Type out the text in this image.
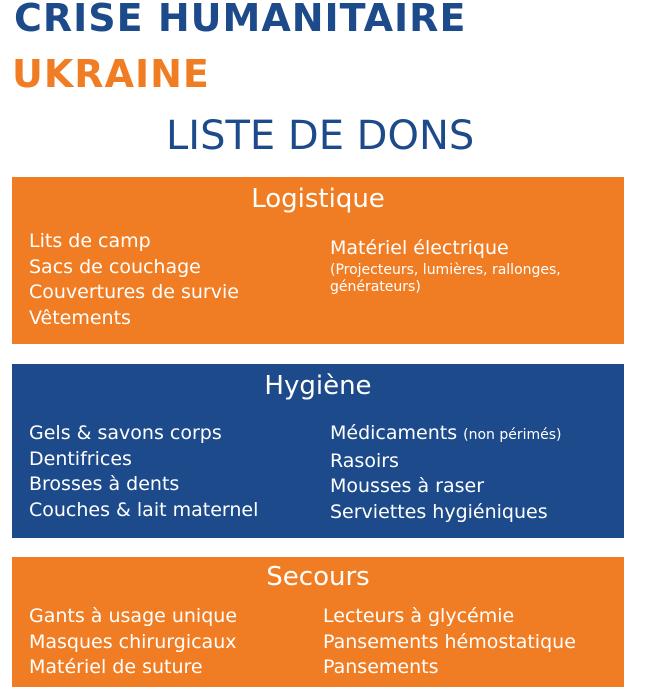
CRISE HUMANITAIRE
UKRAINE
LISTE DE DONS
Logistique
Lits de camp
Sacs de couchage
Couvertures de survie
Vêtements
Matériel électrique
(Projecteurs, lumières, rallonges,
générateurs)
Hygiène
Gels & savons corps
Dentifrices
Brosses à dents
Couches & lait maternel
Médicaments (non périmés)
Rasoirs
Mousses à raser
Serviettes hygiéniques
Secours
Gants à usage unique
Masques chirurgicaux
Matériel de suture
Lecteurs à glycémie
Pansements hémostatique
Pansements
